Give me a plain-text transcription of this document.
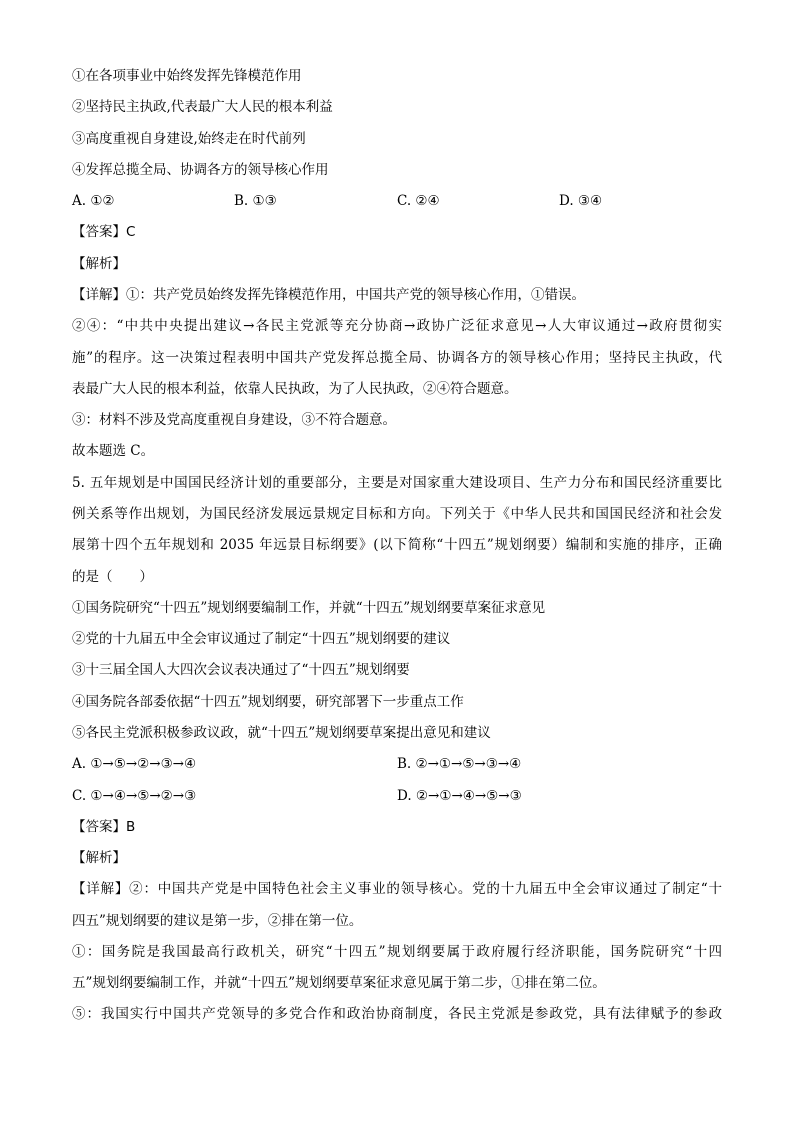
①在各项事业中始终发挥先锋模范作用
②坚持民主执政,代表最广大人民的根本利益
③高度重视自身建设,始终走在时代前列
④发挥总揽全局、协调各方的领导核心作用
A. ①②	B. ①③	C. ②④	D. ③④
【答案】C
【解析】
【详解】①：共产党员始终发挥先锋模范作用，中国共产党的领导核心作用，①错误。
②④：“中共中央提出建议→各民主党派等充分协商→政协广泛征求意见→人大审议通过→政府贯彻实
施”的程序。这一决策过程表明中国共产党发挥总揽全局、协调各方的领导核心作用；坚持民主执政，代
表最广大人民的根本利益，依靠人民执政，为了人民执政，②④符合题意。
③：材料不涉及党高度重视自身建设，③不符合题意。
故本题选 C。
5. 五年规划是中国国民经济计划的重要部分，主要是对国家重大建设项目、生产力分布和国民经济重要比
例关系等作出规划，为国民经济发展远景规定目标和方向。下列关于《中华人民共和国国民经济和社会发
展第十四个五年规划和 2035 年远景目标纲要》(以下简称“十四五”规划纲要）编制和实施的排序，正确
的是（　　）
①国务院研究“十四五”规划纲要编制工作，并就“十四五”规划纲要草案征求意见
②党的十九届五中全会审议通过了制定“十四五”规划纲要的建议
③十三届全国人大四次会议表决通过了“十四五”规划纲要
④国务院各部委依据“十四五”规划纲要，研究部署下一步重点工作
⑤各民主党派积极参政议政，就“十四五”规划纲要草案提出意见和建议
A. ①→⑤→②→③→④	B. ②→①→⑤→③→④
C. ①→④→⑤→②→③	D. ②→①→④→⑤→③
【答案】B
【解析】
【详解】②：中国共产党是中国特色社会主义事业的领导核心。党的十九届五中全会审议通过了制定“十
四五”规划纲要的建议是第一步，②排在第一位。
①：国务院是我国最高行政机关，研究“十四五”规划纲要属于政府履行经济职能，国务院研究“十四
五”规划纲要编制工作，并就“十四五”规划纲要草案征求意见属于第二步，①排在第二位。
⑤：我国实行中国共产党领导的多党合作和政治协商制度，各民主党派是参政党，具有法律赋予的参政
